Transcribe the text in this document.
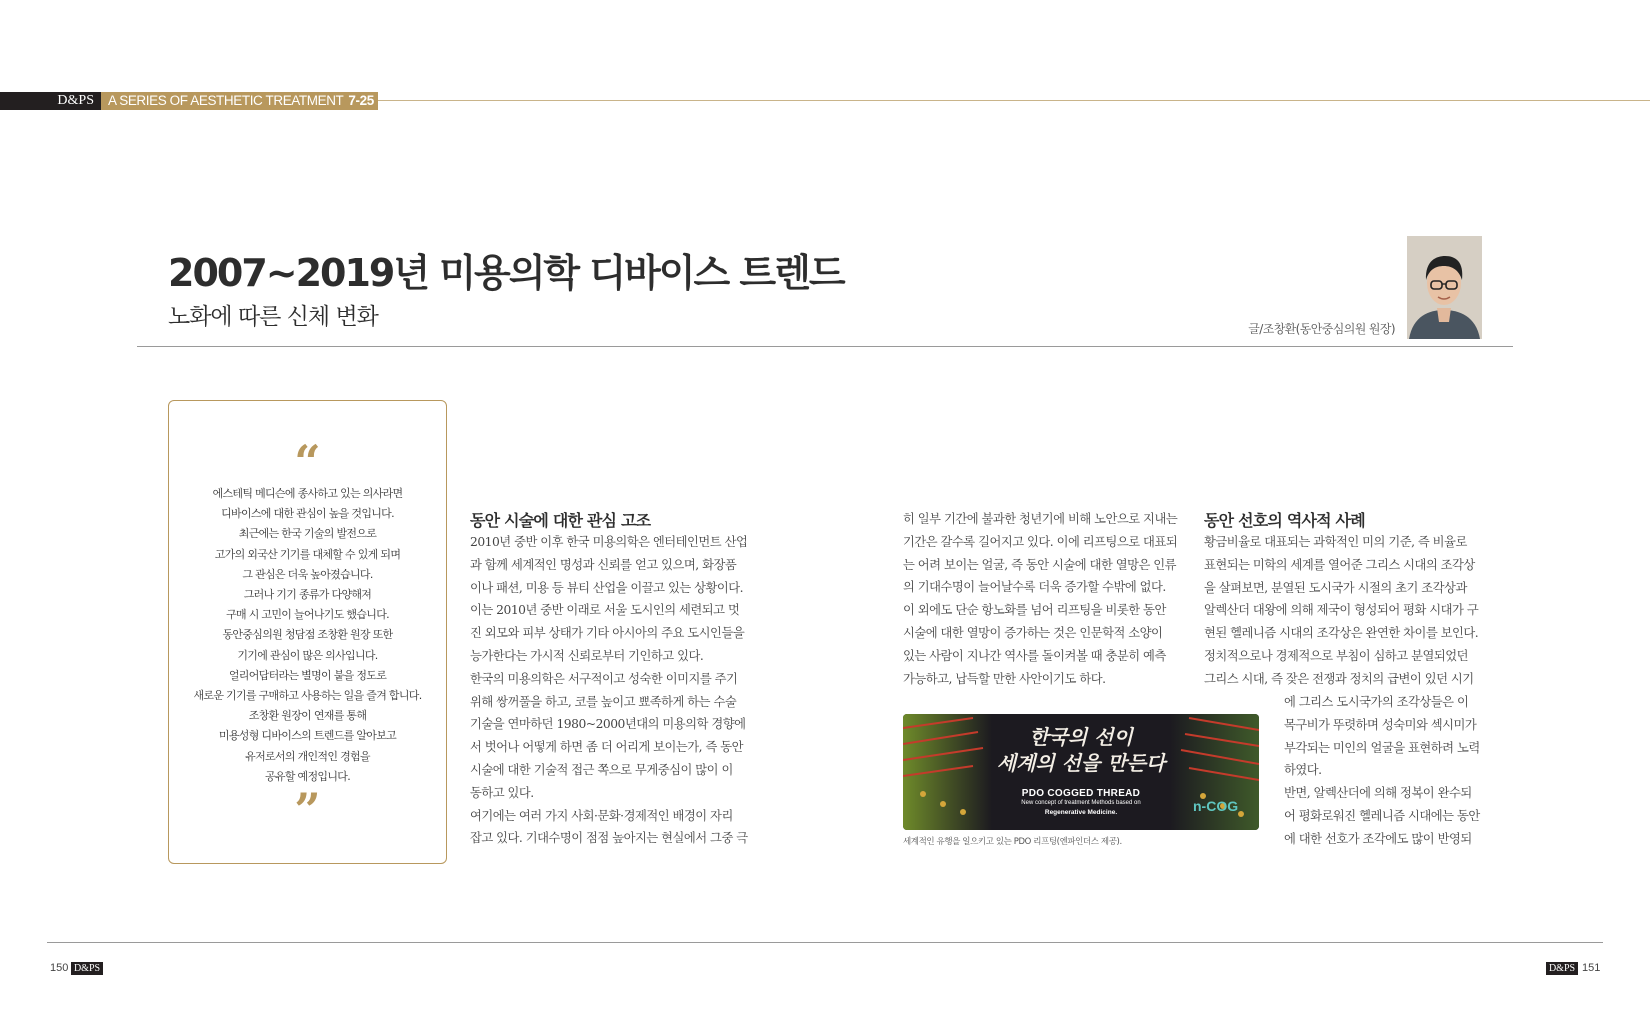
D&PS	A SERIES OF AESTHETIC TREATMENT 7-25
2007~2019년 미용의학 디바이스 트렌드
노화에 따른 신체 변화	글/조창환(동안중심의원 원장)
“
에스테틱 메디슨에 종사하고 있는 의사라면
디바이스에 대한 관심이 높을 것입니다.
최근에는 한국 기술의 발전으로
고가의 외국산 기기를 대체할 수 있게 되며
그 관심은 더욱 높아졌습니다.
그러나 기기 종류가 다양해져
구매 시 고민이 늘어나기도 했습니다.
동안중심의원 청담점 조창환 원장 또한
기기에 관심이 많은 의사입니다.
얼리어답터라는 별명이 붙을 정도로
새로운 기기를 구매하고 사용하는 일을 즐겨 합니다.
조창환 원장이 연재를 통해
미용성형 디바이스의 트렌드를 알아보고
유저로서의 개인적인 경험을
공유할 예정입니다.
”
동안 시술에 대한 관심 고조
2010년 중반 이후 한국 미용의학은 엔터테인먼트 산업
과 함께 세계적인 명성과 신뢰를 얻고 있으며, 화장품
이나 패션, 미용 등 뷰티 산업을 이끌고 있는 상황이다.
이는 2010년 중반 이래로 서울 도시인의 세련되고 멋
진 외모와 피부 상태가 기타 아시아의 주요 도시인들을
능가한다는 가시적 신뢰로부터 기인하고 있다.
한국의 미용의학은 서구적이고 성숙한 이미지를 주기
위해 쌍꺼풀을 하고, 코를 높이고 뾰족하게 하는 수술
기술을 연마하던 1980~2000년대의 미용의학 경향에
서 벗어나 어떻게 하면 좀 더 어리게 보이는가, 즉 동안
시술에 대한 기술적 접근 쪽으로 무게중심이 많이 이
동하고 있다.
여기에는 여러 가지 사회·문화·경제적인 배경이 자리
잡고 있다. 기대수명이 점점 높아지는 현실에서 그중 극
히 일부 기간에 불과한 청년기에 비해 노안으로 지내는
기간은 갈수록 길어지고 있다. 이에 리프팅으로 대표되
는 어려 보이는 얼굴, 즉 동안 시술에 대한 열망은 인류
의 기대수명이 늘어날수록 더욱 증가할 수밖에 없다.
이 외에도 단순 항노화를 넘어 리프팅을 비롯한 동안
시술에 대한 열망이 증가하는 것은 인문학적 소양이
있는 사람이 지나간 역사를 돌이켜볼 때 충분히 예측
가능하고, 납득할 만한 사안이기도 하다.
한국의 선이
세계의 선을 만든다
PDO COGGED THREAD
New concept of treatment Methods based on
Regenerative Medicine.	n-COG
세계적인 유행을 일으키고 있는 PDO 리프팅(엔파인더스 제공).
동안 선호의 역사적 사례
황금비율로 대표되는 과학적인 미의 기준, 즉 비율로
표현되는 미학의 세계를 열어준 그리스 시대의 조각상
을 살펴보면, 분열된 도시국가 시절의 초기 조각상과
알렉산더 대왕에 의해 제국이 형성되어 평화 시대가 구
현된 헬레니즘 시대의 조각상은 완연한 차이를 보인다.
정치적으로나 경제적으로 부침이 심하고 분열되었던
그리스 시대, 즉 잦은 전쟁과 정치의 급변이 있던 시기
에 그리스 도시국가의 조각상들은 이
목구비가 뚜렷하며 성숙미와 섹시미가
부각되는 미인의 얼굴을 표현하려 노력
하였다.
반면, 알렉산더에 의해 정복이 완수되
어 평화로워진 헬레니즘 시대에는 동안
에 대한 선호가 조각에도 많이 반영되
150 D&PS	D&PS 151
